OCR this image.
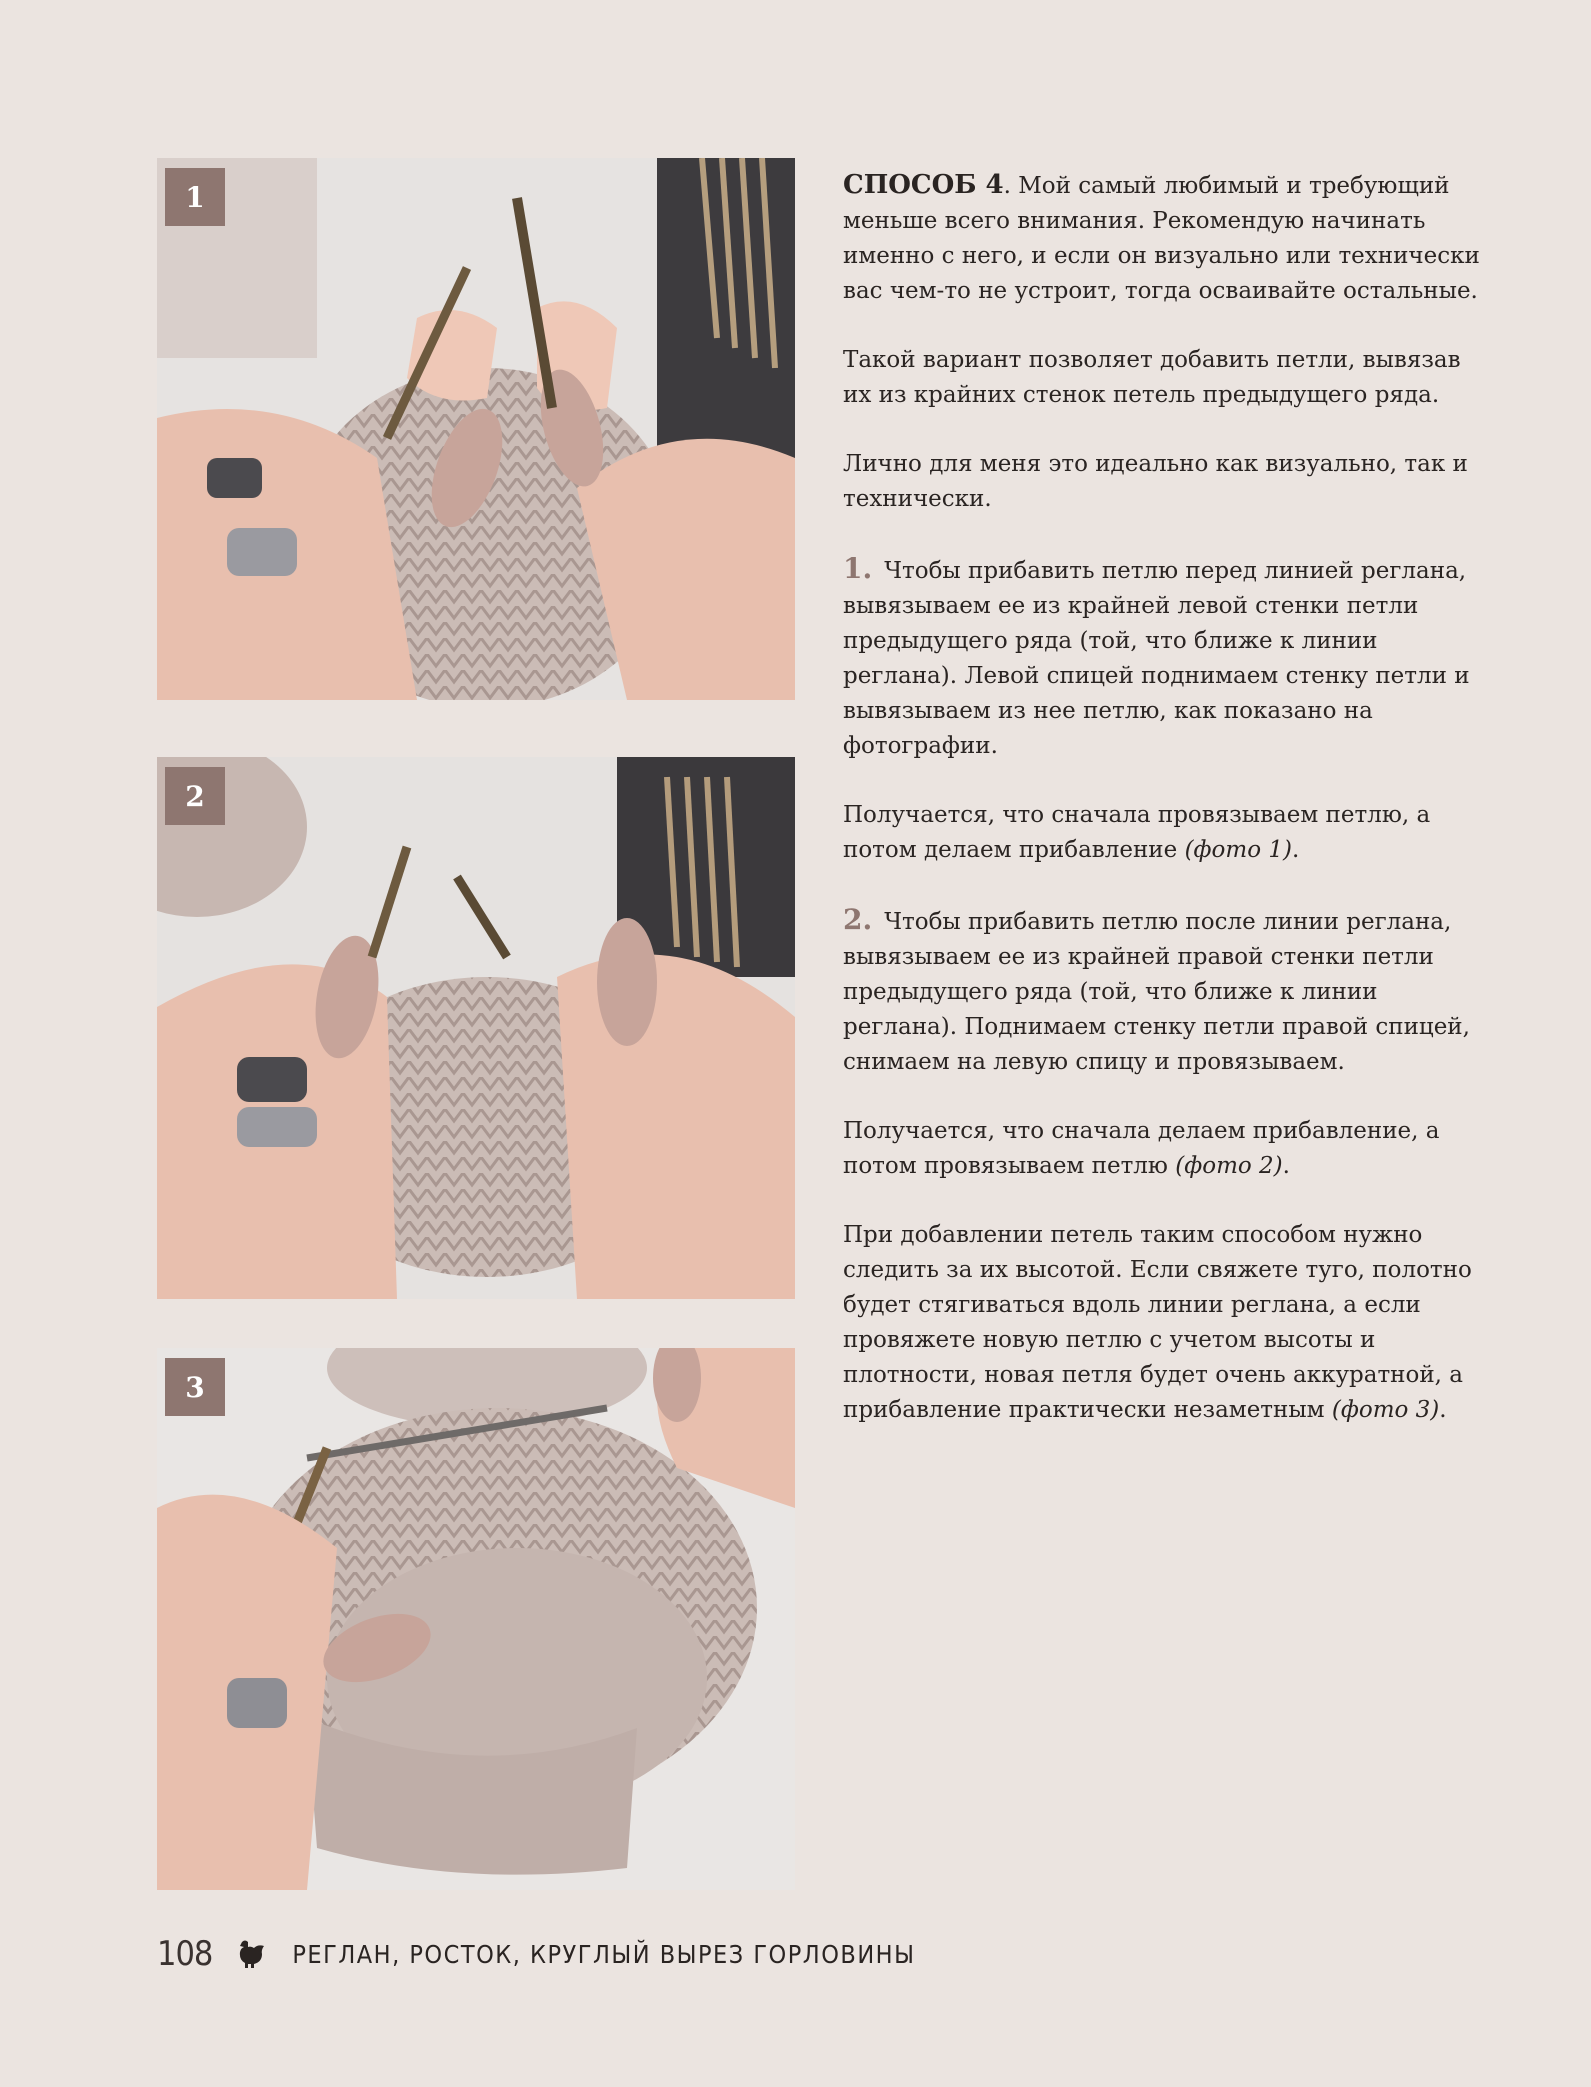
1
2
3

СПОСОБ 4. Мой самый любимый и требующий меньше всего внимания. Рекомендую начинать именно с него, и если он визуально или технически вас чем-то не устроит, тогда осваивайте остальные.

Такой вариант позволяет добавить петли, вывязав их из крайних стенок петель предыдущего ряда.

Лично для меня это идеально как визуально, так и технически.

1. Чтобы прибавить петлю перед линией реглана, вывязываем ее из крайней левой стенки петли предыдущего ряда (той, что ближе к линии реглана). Левой спицей поднимаем стенку петли и вывязываем из нее петлю, как показано на фотографии.

Получается, что сначала провязываем петлю, а потом делаем прибавление (фото 1).

2. Чтобы прибавить петлю после линии реглана, вывязываем ее из крайней правой стенки петли предыдущего ряда (той, что ближе к линии реглана). Поднимаем стенку петли правой спицей, снимаем на левую спицу и провязываем.

Получается, что сначала делаем прибавление, а потом провязываем петлю (фото 2).

При добавлении петель таким способом нужно следить за их высотой. Если свяжете туго, полотно будет стягиваться вдоль линии реглана, а если провяжете новую петлю с учетом высоты и плотности, новая петля будет очень аккуратной, а прибавление практически незаметным (фото 3).

108	РЕГЛАН, РОСТОК, КРУГЛЫЙ ВЫРЕЗ ГОРЛОВИНЫ
